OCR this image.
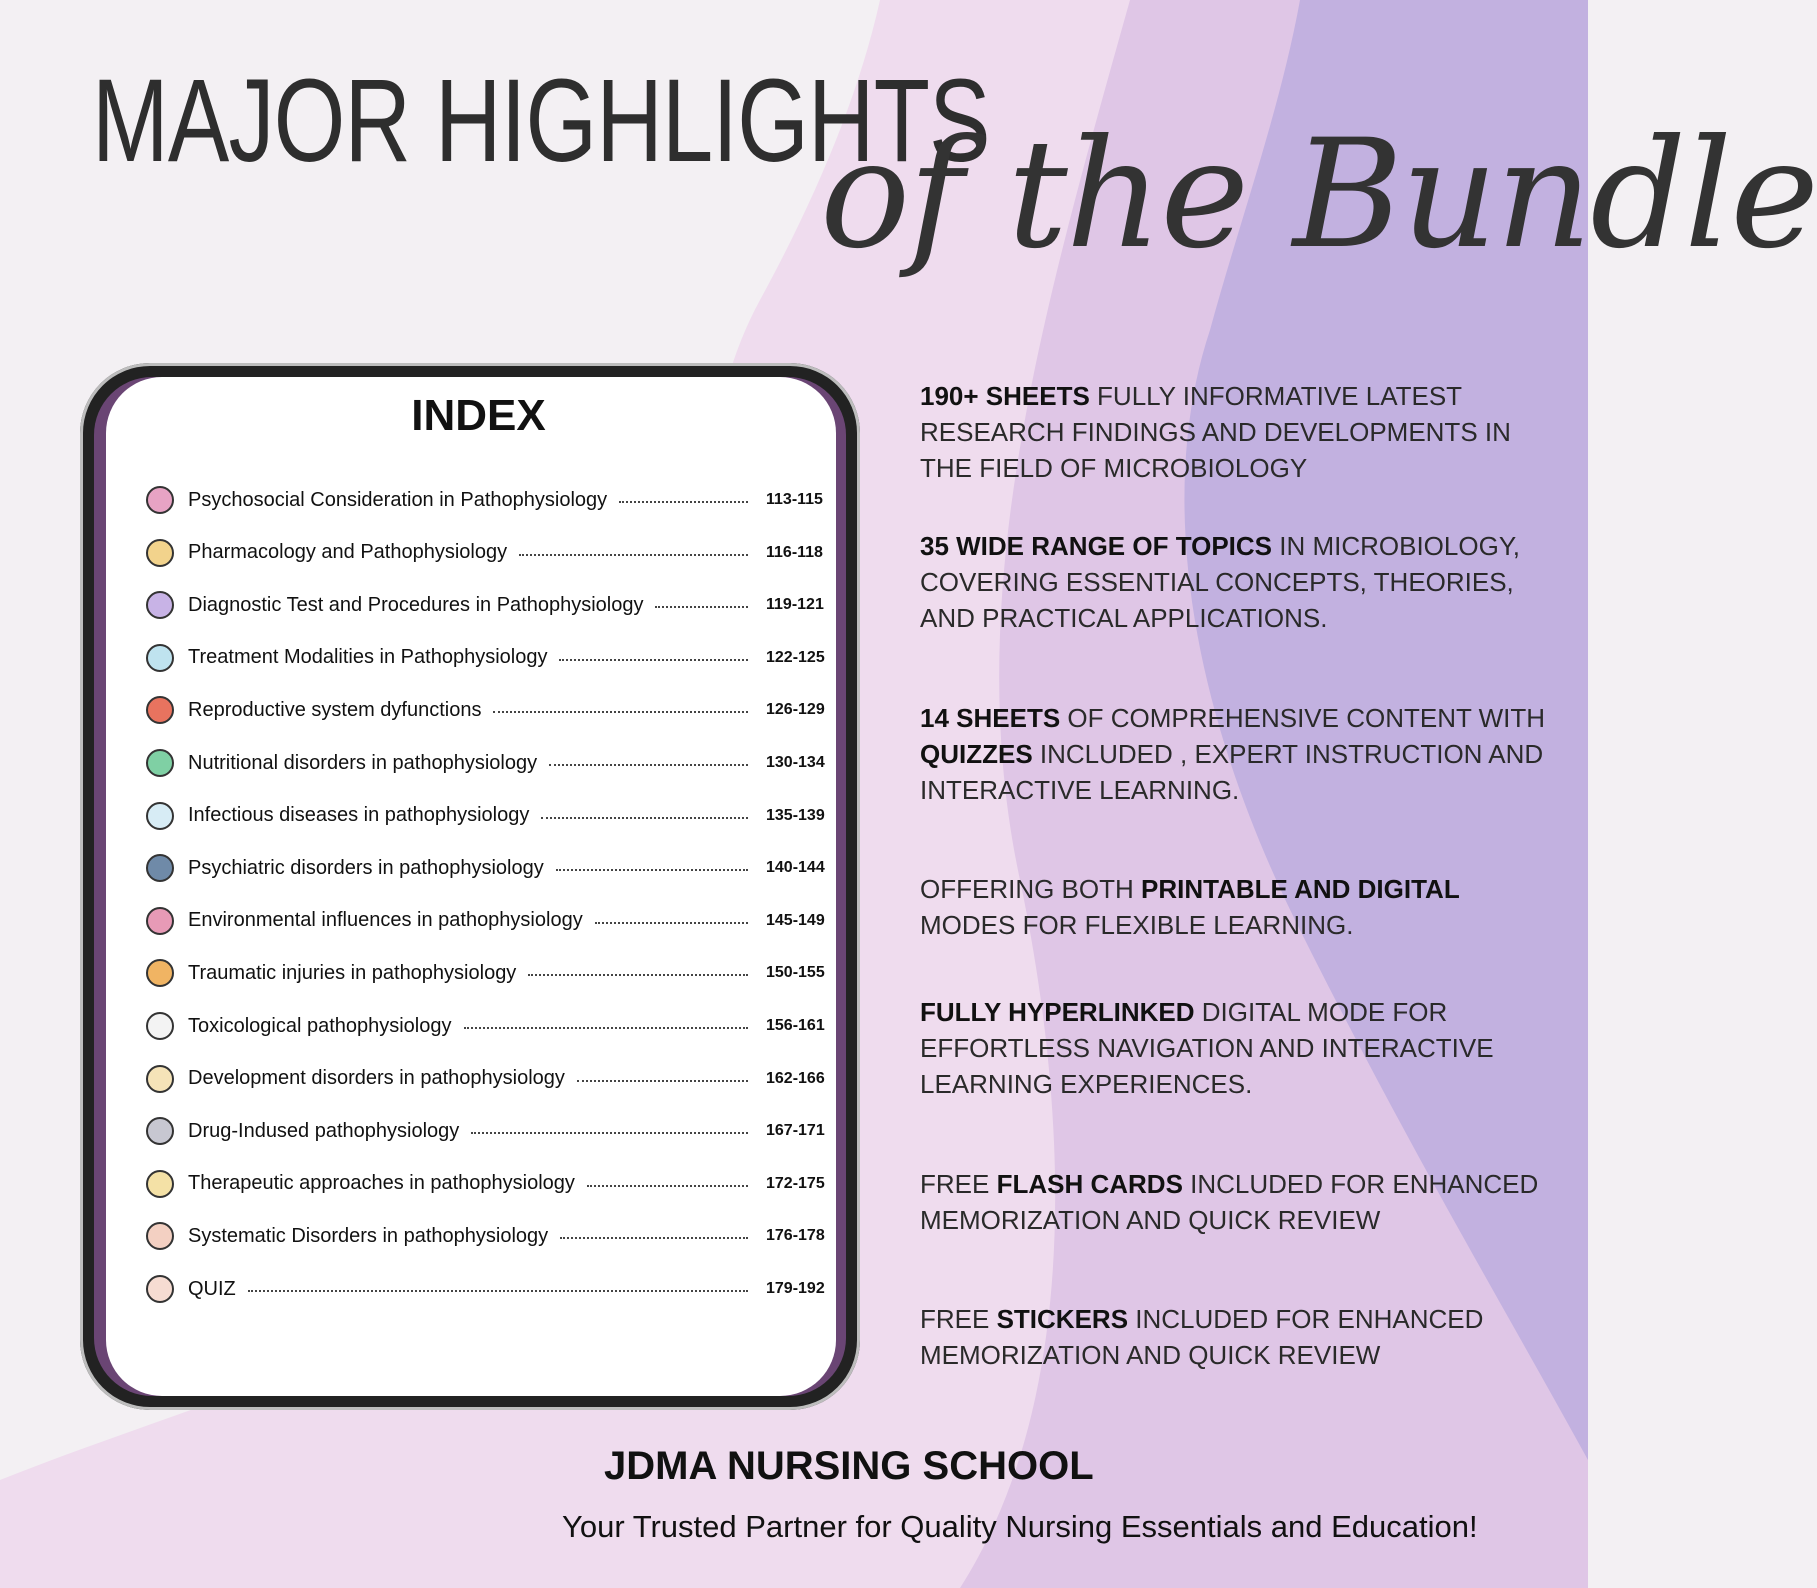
MAJOR HIGHLIGHTS
of the Bundle
INDEX
Psychosocial Consideration in Pathophysiology	113-115
Pharmacology and Pathophysiology	116-118
Diagnostic Test and Procedures in Pathophysiology	119-121
Treatment Modalities in Pathophysiology	122-125
Reproductive system dyfunctions	126-129
Nutritional disorders in pathophysiology	130-134
Infectious diseases in pathophysiology	135-139
Psychiatric disorders in pathophysiology	140-144
Environmental influences in pathophysiology	145-149
Traumatic injuries in pathophysiology	150-155
Toxicological pathophysiology	156-161
Development disorders in pathophysiology	162-166
Drug-Indused pathophysiology	167-171
Therapeutic approaches in pathophysiology	172-175
Systematic Disorders in pathophysiology	176-178
QUIZ	179-192

190+ SHEETS FULLY INFORMATIVE LATEST RESEARCH FINDINGS AND DEVELOPMENTS IN THE FIELD OF MICROBIOLOGY

35 WIDE RANGE OF TOPICS IN MICROBIOLOGY, COVERING ESSENTIAL CONCEPTS, THEORIES, AND PRACTICAL APPLICATIONS.

14 SHEETS OF COMPREHENSIVE CONTENT WITH QUIZZES INCLUDED , EXPERT INSTRUCTION AND INTERACTIVE LEARNING.

OFFERING BOTH PRINTABLE AND DIGITAL MODES FOR FLEXIBLE LEARNING.

FULLY HYPERLINKED DIGITAL MODE FOR EFFORTLESS NAVIGATION AND INTERACTIVE LEARNING EXPERIENCES.

FREE FLASH CARDS INCLUDED FOR ENHANCED MEMORIZATION AND QUICK REVIEW

FREE STICKERS INCLUDED FOR ENHANCED MEMORIZATION AND QUICK REVIEW

JDMA NURSING SCHOOL
Your Trusted Partner for Quality Nursing Essentials and Education!
